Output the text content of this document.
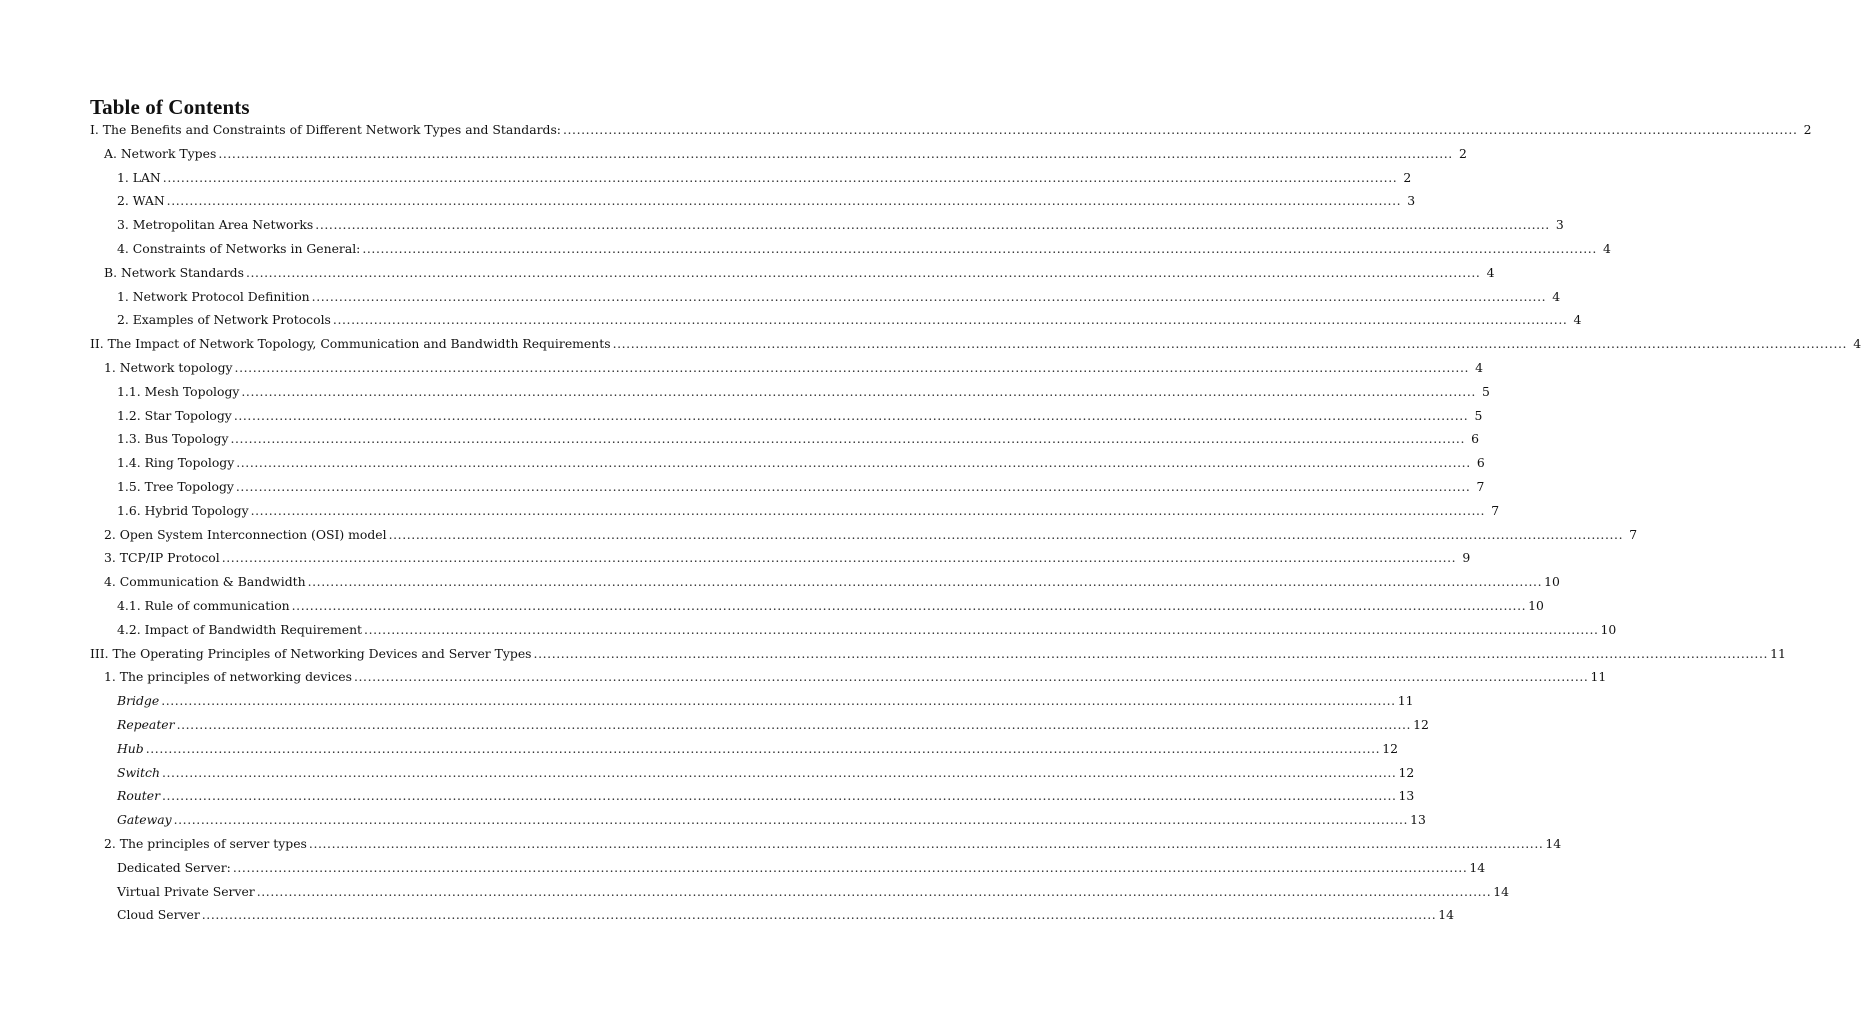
Table of Contents
I. The Benefits and Constraints of Different Network Types and Standards: .....	2
A. Network Types .....	2
1. LAN .....	2
2. WAN .....	3
3. Metropolitan Area Networks .....	3
4. Constraints of Networks in General: .....	4
B. Network Standards .....	4
1. Network Protocol Definition .....	4
2. Examples of Network Protocols .....	4
II. The Impact of Network Topology, Communication and Bandwidth Requirements .....	4
1. Network topology .....	4
1.1. Mesh Topology .....	5
1.2. Star Topology .....	5
1.3. Bus Topology .....	6
1.4. Ring Topology .....	6
1.5. Tree Topology .....	7
1.6. Hybrid Topology .....	7
2. Open System Interconnection (OSI) model .....	7
3. TCP/IP Protocol .....	9
4. Communication & Bandwidth .....	10
4.1. Rule of communication .....	10
4.2. Impact of Bandwidth Requirement .....	10
III. The Operating Principles of Networking Devices and Server Types .....	11
1. The principles of networking devices .....	11
Bridge .....	11
Repeater .....	12
Hub .....	12
Switch .....	12
Router .....	13
Gateway .....	13
2. The principles of server types .....	14
Dedicated Server: .....	14
Virtual Private Server .....	14
Cloud Server .....	14
